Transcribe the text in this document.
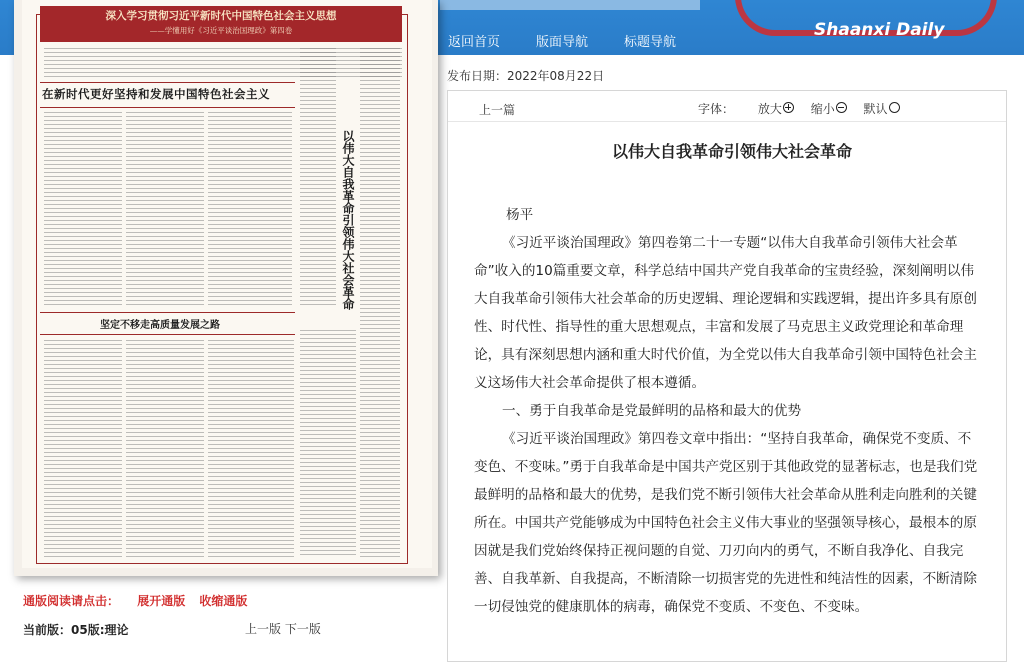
Shaanxi Daily
返回首页	版面导航	标题导航
深入学习贯彻习近平新时代中国特色社会主义思想
——学懂用好《习近平谈治国理政》第四卷
在新时代更好坚持和发展中国特色社会主义
以伟大自我革命引领伟大社会革命
坚定不移走高质量发展之路
通版阅读请点击： 展开通版 收缩通版
当前版：05版:理论	上一版 下一版
发布日期：2022年08月22日
上一篇	字体： 放大 缩小 默认
以伟大自我革命引领伟大社会革命

杨平

《习近平谈治国理政》第四卷第二十一专题“以伟大自我革命引领伟大社会革命”收入的10篇重要文章，科学总结中国共产党自我革命的宝贵经验，深刻阐明以伟大自我革命引领伟大社会革命的历史逻辑、理论逻辑和实践逻辑，提出许多具有原创性、时代性、指导性的重大思想观点，丰富和发展了马克思主义政党理论和革命理论，具有深刻思想内涵和重大时代价值，为全党以伟大自我革命引领中国特色社会主义这场伟大社会革命提供了根本遵循。

一、勇于自我革命是党最鲜明的品格和最大的优势

《习近平谈治国理政》第四卷文章中指出：“坚持自我革命，确保党不变质、不变色、不变味。”勇于自我革命是中国共产党区别于其他政党的显著标志，也是我们党最鲜明的品格和最大的优势，是我们党不断引领伟大社会革命从胜利走向胜利的关键所在。中国共产党能够成为中国特色社会主义伟大事业的坚强领导核心，最根本的原因就是我们党始终保持正视问题的自觉、刀刃向内的勇气，不断自我净化、自我完善、自我革新、自我提高，不断清除一切损害党的先进性和纯洁性的因素，不断清除一切侵蚀党的健康肌体的病毒，确保党不变质、不变色、不变味。
